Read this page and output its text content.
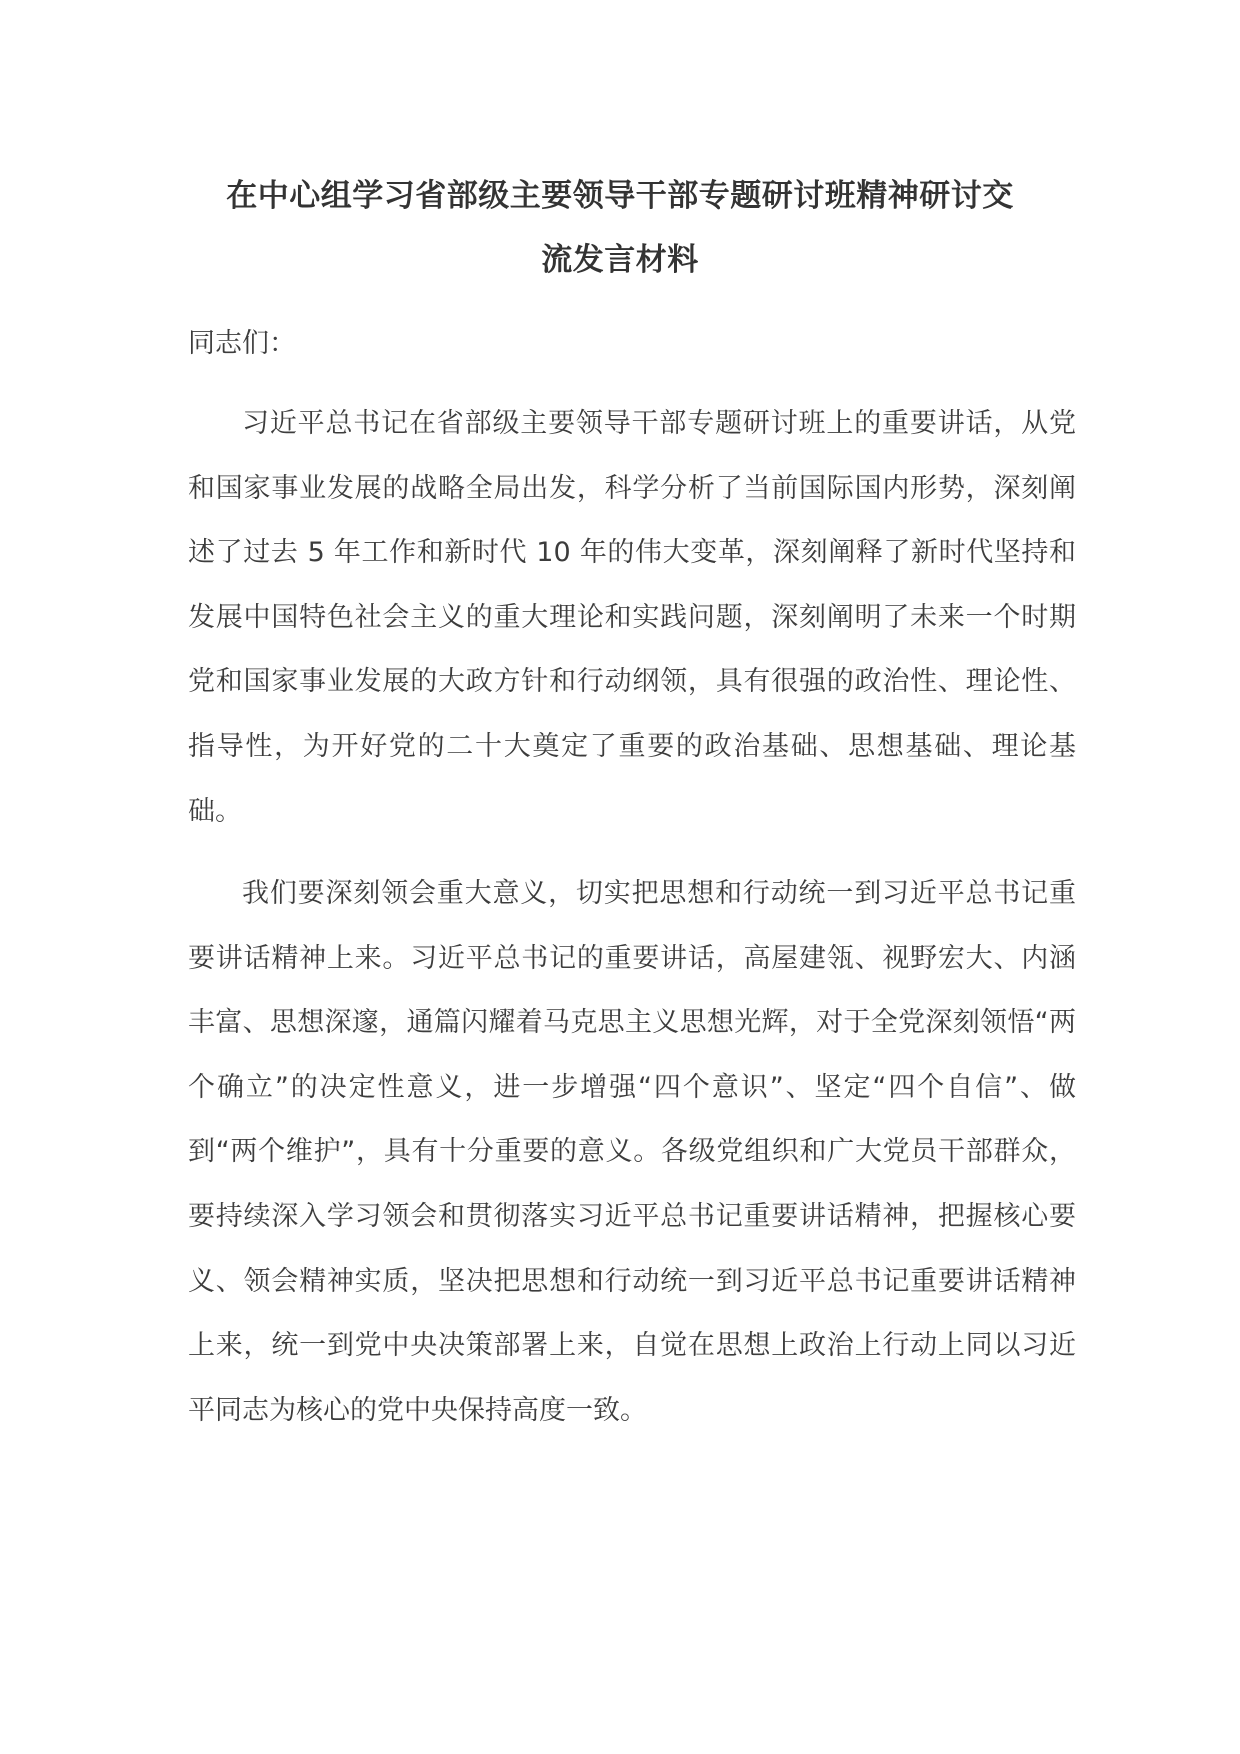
在中心组学习省部级主要领导干部专题研讨班精神研讨交
流发言材料
同志们：

习近平总书记在省部级主要领导干部专题研讨班上的重要讲话，从党和国家事业发展的战略全局出发，科学分析了当前国际国内形势，深刻阐述了过去 5 年工作和新时代 10 年的伟大变革，深刻阐释了新时代坚持和发展中国特色社会主义的重大理论和实践问题，深刻阐明了未来一个时期党和国家事业发展的大政方针和行动纲领，具有很强的政治性、理论性、指导性，为开好党的二十大奠定了重要的政治基础、思想基础、理论基础。

我们要深刻领会重大意义，切实把思想和行动统一到习近平总书记重要讲话精神上来。习近平总书记的重要讲话，高屋建瓴、视野宏大、内涵丰富、思想深邃，通篇闪耀着马克思主义思想光辉，对于全党深刻领悟“两个确立”的决定性意义，进一步增强“四个意识”、坚定“四个自信”、做到“两个维护”，具有十分重要的意义。各级党组织和广大党员干部群众，要持续深入学习领会和贯彻落实习近平总书记重要讲话精神，把握核心要义、领会精神实质，坚决把思想和行动统一到习近平总书记重要讲话精神上来，统一到党中央决策部署上来，自觉在思想上政治上行动上同以习近平同志为核心的党中央保持高度一致。
